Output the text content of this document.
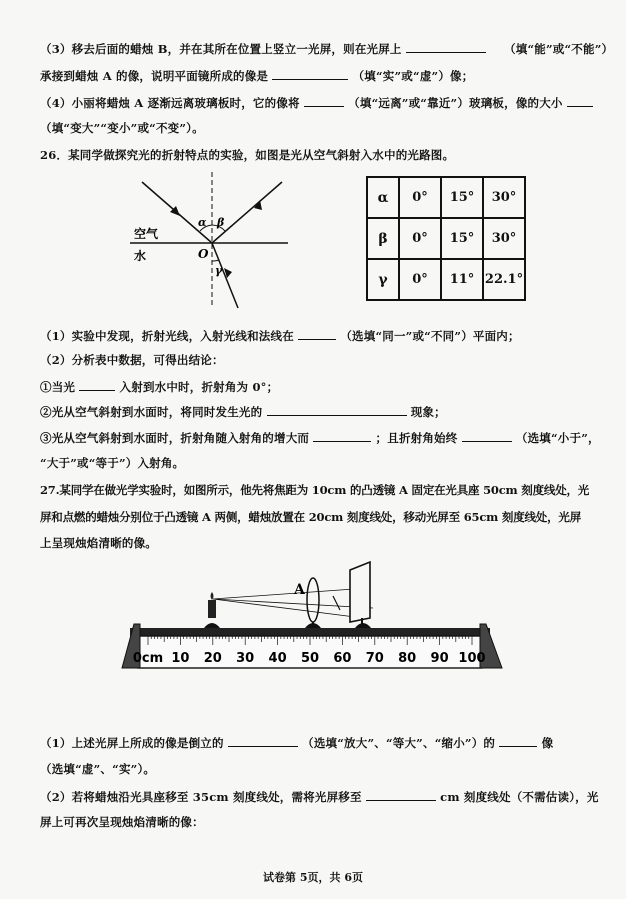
（3）移去后面的蜡烛 B，并在其所在位置上竖立一光屏，则在光屏上	（填“能”或“不能”）
承接到蜡烛 A 的像，说明平面镜所成的像是	（填“实”或“虚”）像；
（4）小丽将蜡烛 A 逐渐远离玻璃板时，它的像将	（填“远离”或“靠近”）玻璃板，像的大小
（填“变大”“变小”或“不变”）。
26．某同学做探究光的折射特点的实验，如图是光从空气斜射入水中的光路图。
α β
γ
O
空气
水
α	0°	15°	30°
β	0°	15°	30°
γ	0°	11°	22.1°
（1）实验中发现，折射光线，入射光线和法线在	（选填“同一”或“不同”）平面内；
（2）分析表中数据，可得出结论：
①当光	入射到水中时，折射角为 0°；
②光从空气斜射到水面时，将同时发生光的	现象；
③光从空气斜射到水面时，折射角随入射角的增大而	；且折射角始终	（选填“小于”，
“大于”或“等于”）入射角。
27.某同学在做光学实验时，如图所示，他先将焦距为 10cm 的凸透镜 A 固定在光具座 50cm 刻度线处，光
屏和点燃的蜡烛分别位于凸透镜 A 两侧，蜡烛放置在 20cm 刻度线处，移动光屏至 65cm 刻度线处，光屏
上呈现烛焰清晰的像。
A
0cm 10 20 30 40 50 60 70 80 90 100
（1）上述光屏上所成的像是倒立的	（选填“放大”、“等大”、“缩小”）的	像
（选填“虚”、“实”）。
（2）若将蜡烛沿光具座移至 35cm 刻度线处，需将光屏移至	cm 刻度线处（不需估读），光
屏上可再次呈现烛焰清晰的像：
试卷第 5页，共 6页
